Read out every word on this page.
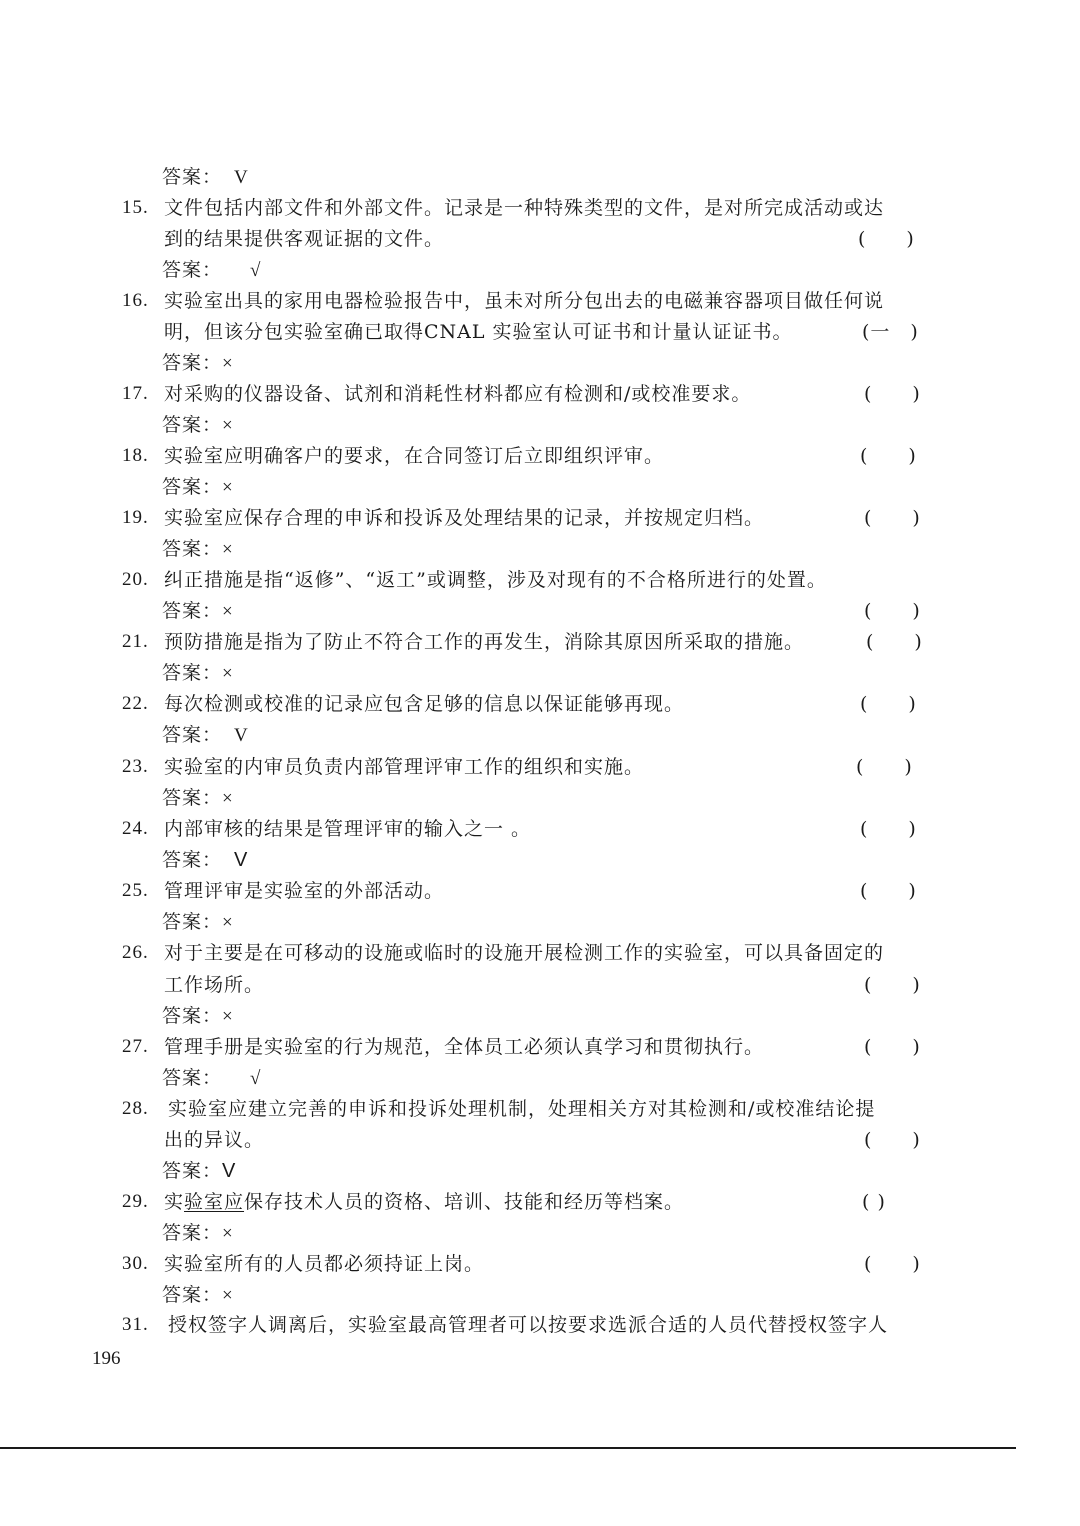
答案： V
15. 文件包括内部文件和外部文件。记录是一种特殊类型的文件，是对所完成活动或达
到的结果提供客观证据的文件。	(　　)
答案： √
16. 实验室出具的家用电器检验报告中，虽未对所分包出去的电磁兼容器项目做任何说
明，但该分包实验室确已取得CNAL 实验室认可证书和计量认证证书。	(一　)
答案：×
17. 对采购的仪器设备、试剂和消耗性材料都应有检测和/或校准要求。	(　　)
答案：×
18. 实验室应明确客户的要求，在合同签订后立即组织评审。	(　　)
答案：×
19. 实验室应保存合理的申诉和投诉及处理结果的记录，并按规定归档。	(　　)
答案：×
20. 纠正措施是指“返修”、“返工”或调整，涉及对现有的不合格所进行的处置。
答案：×	(　　)
21. 预防措施是指为了防止不符合工作的再发生，消除其原因所采取的措施。	(　　)
答案：×
22. 每次检测或校准的记录应包含足够的信息以保证能够再现。	(　　)
答案： V
23. 实验室的内审员负责内部管理评审工作的组织和实施。	(　　)
答案：×
24. 内部审核的结果是管理评审的输入之一 。	(　　)
答案： V
25. 管理评审是实验室的外部活动。	(　　)
答案：×
26. 对于主要是在可移动的设施或临时的设施开展检测工作的实验室，可以具备固定的
工作场所。	(　　)
答案：×
27. 管理手册是实验室的行为规范，全体员工必须认真学习和贯彻执行。	(　　)
答案： √
28.	实验室应建立完善的申诉和投诉处理机制，处理相关方对其检测和/或校准结论提
出的异议。	(　　)
答案：V
29. 实验室应保存技术人员的资格、培训、技能和经历等档案。	( )
答案：×
30. 实验室所有的人员都必须持证上岗。	(　　)
答案：×
31.	授权签字人调离后，实验室最高管理者可以按要求选派合适的人员代替授权签字人
196
